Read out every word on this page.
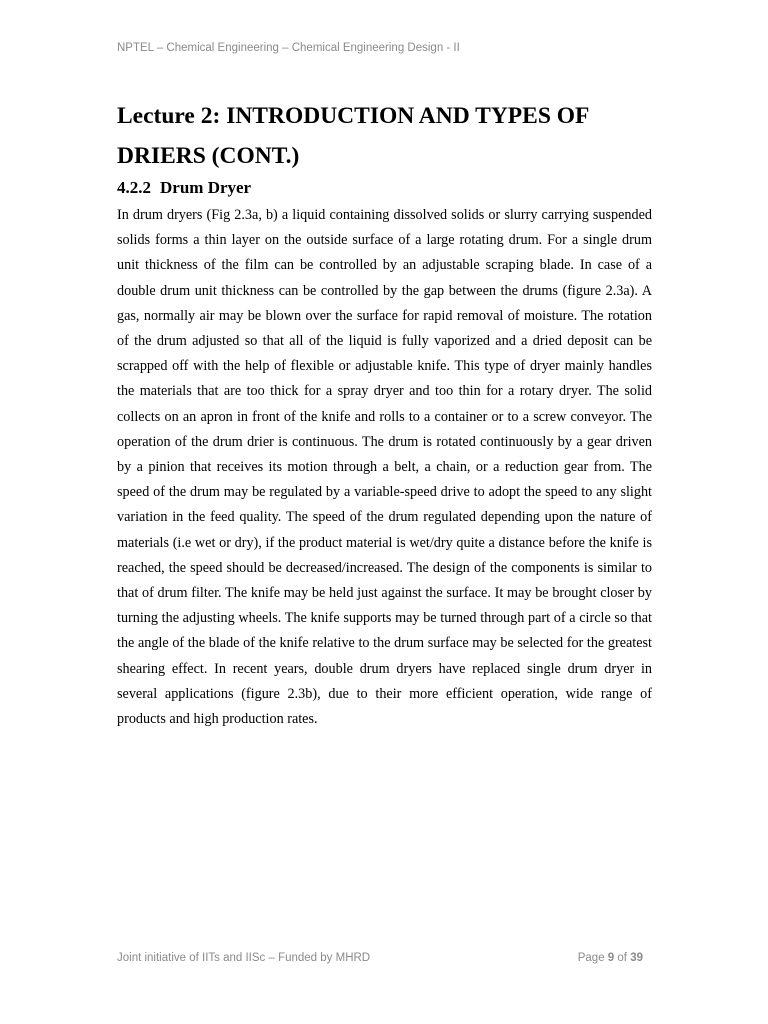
NPTEL – Chemical Engineering – Chemical Engineering Design - II
Lecture 2: INTRODUCTION AND TYPES OF DRIERS (CONT.)
4.2.2 Drum Dryer

In drum dryers (Fig 2.3a, b) a liquid containing dissolved solids or slurry carrying suspended solids forms a thin layer on the outside surface of a large rotating drum. For a single drum unit thickness of the film can be controlled by an adjustable scraping blade. In case of a double drum unit thickness can be controlled by the gap between the drums (figure 2.3a). A gas, normally air may be blown over the surface for rapid removal of moisture. The rotation of the drum adjusted so that all of the liquid is fully vaporized and a dried deposit can be scrapped off with the help of flexible or adjustable knife. This type of dryer mainly handles the materials that are too thick for a spray dryer and too thin for a rotary dryer. The solid collects on an apron in front of the knife and rolls to a container or to a screw conveyor. The operation of the drum drier is continuous. The drum is rotated continuously by a gear driven by a pinion that receives its motion through a belt, a chain, or a reduction gear from. The speed of the drum may be regulated by a variable-speed drive to adopt the speed to any slight variation in the feed quality. The speed of the drum regulated depending upon the nature of materials (i.e wet or dry), if the product material is wet/dry quite a distance before the knife is reached, the speed should be decreased/increased. The design of the components is similar to that of drum filter. The knife may be held just against the surface. It may be brought closer by turning the adjusting wheels. The knife supports may be turned through part of a circle so that the angle of the blade of the knife relative to the drum surface may be selected for the greatest shearing effect. In recent years, double drum dryers have replaced single drum dryer in several applications (figure 2.3b), due to their more efficient operation, wide range of products and high production rates.

Joint initiative of IITs and IISc – Funded by MHRD	Page 9 of 39
